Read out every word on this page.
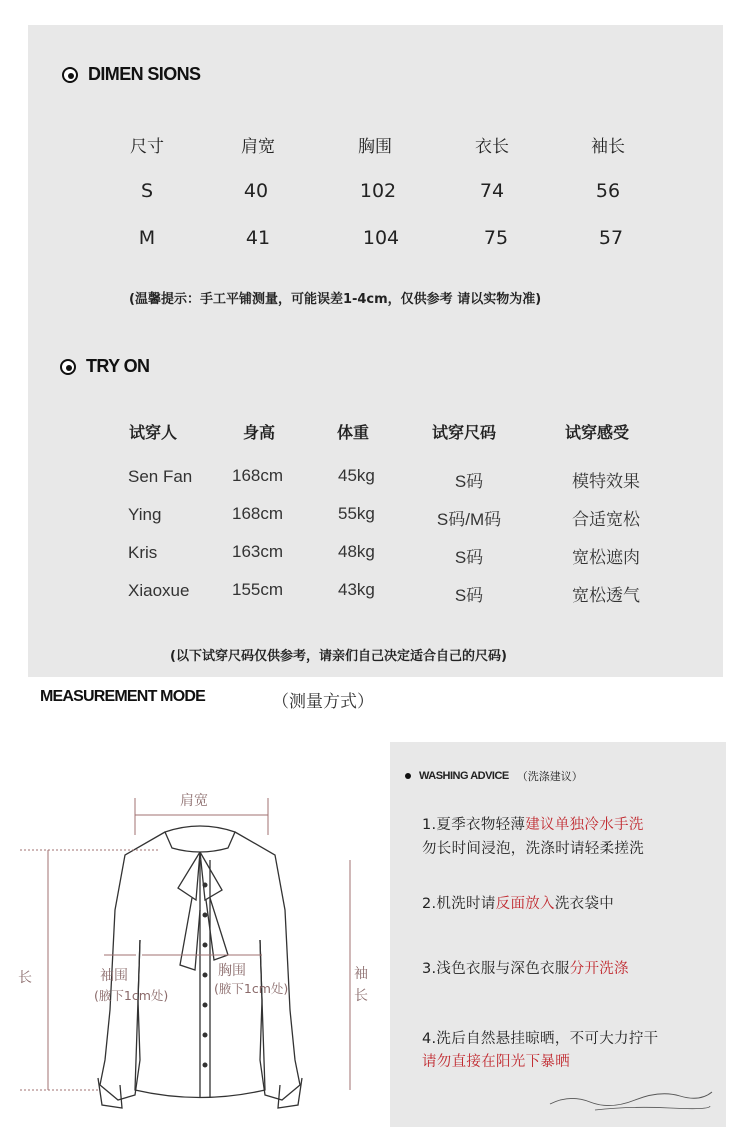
DIMEN SIONS
尺寸	肩宽	胸围	衣长	袖长
S	40	102	74	56
M	41	104	75	57
(温馨提示：手工平铺测量，可能误差1-4cm，仅供参考 请以实物为准)
TRY ON
试穿人	身高	体重	试穿尺码	试穿感受
Sen Fan 168cm	45kg	S码	模特效果
Ying	168cm	55kg	S码/M码	合适宽松
Kris	163cm	48kg	S码	宽松遮肉
Xiaoxue	155cm	43kg	S码	宽松透气
(以下试穿尺码仅供参考，请亲们自己决定适合自己的尺码)
MEASUREMENT MODE	（测量方式）
肩宽
长	袖
长
袖围
(腋下1cm处)
胸围
(腋下1cm处)
WASHING ADVICE （洗涤建议）
1.夏季衣物轻薄建议单独冷水手洗
勿长时间浸泡，洗涤时请轻柔搓洗
2.机洗时请反面放入洗衣袋中
3.浅色衣服与深色衣服分开洗涤
4.洗后自然悬挂晾晒，不可大力拧干
请勿直接在阳光下暴晒
